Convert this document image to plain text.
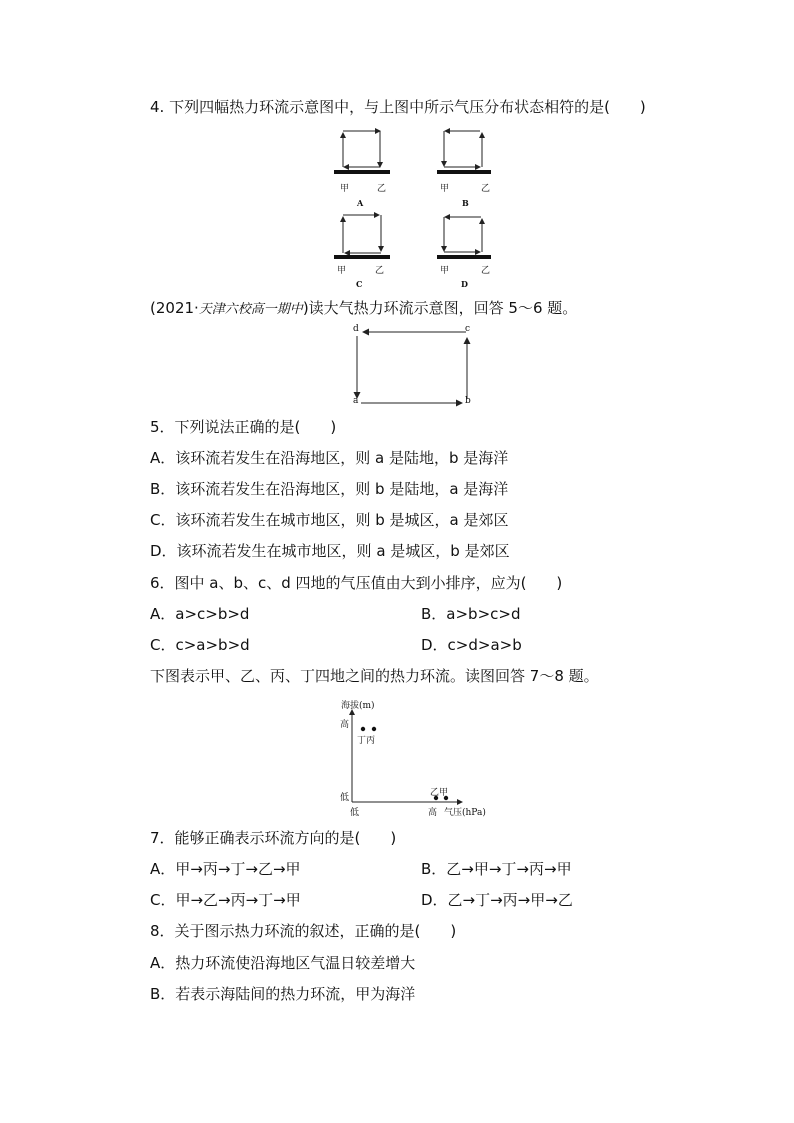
4. 下列四幅热力环流示意图中，与上图中所示气压分布状态相符的是(　　)
甲	乙
A
甲	乙
B
甲	乙
C
甲	乙
D
(2021·天津六校高一期中)读大气热力环流示意图，回答 5～6 题。
d	c
a	b
5．下列说法正确的是(　　)
A．该环流若发生在沿海地区，则 a 是陆地，b 是海洋
B．该环流若发生在沿海地区，则 b 是陆地，a 是海洋
C．该环流若发生在城市地区，则 b 是城区，a 是郊区
D．该环流若发生在城市地区，则 a 是城区，b 是郊区
6．图中 a、b、c、d 四地的气压值由大到小排序，应为(　　)
A．a>c>b>d	B．a>b>c>d
C．c>a>b>d	D．c>d>a>b
下图表示甲、乙、丙、丁四地之间的热力环流。读图回答 7～8 题。
海拔(m)
高
丁丙
乙甲
低
低	高 气压(hPa)
7．能够正确表示环流方向的是(　　)
A．甲→丙→丁→乙→甲	B．乙→甲→丁→丙→甲
C．甲→乙→丙→丁→甲	D．乙→丁→丙→甲→乙
8．关于图示热力环流的叙述，正确的是(　　)
A．热力环流使沿海地区气温日较差增大
B．若表示海陆间的热力环流，甲为海洋
